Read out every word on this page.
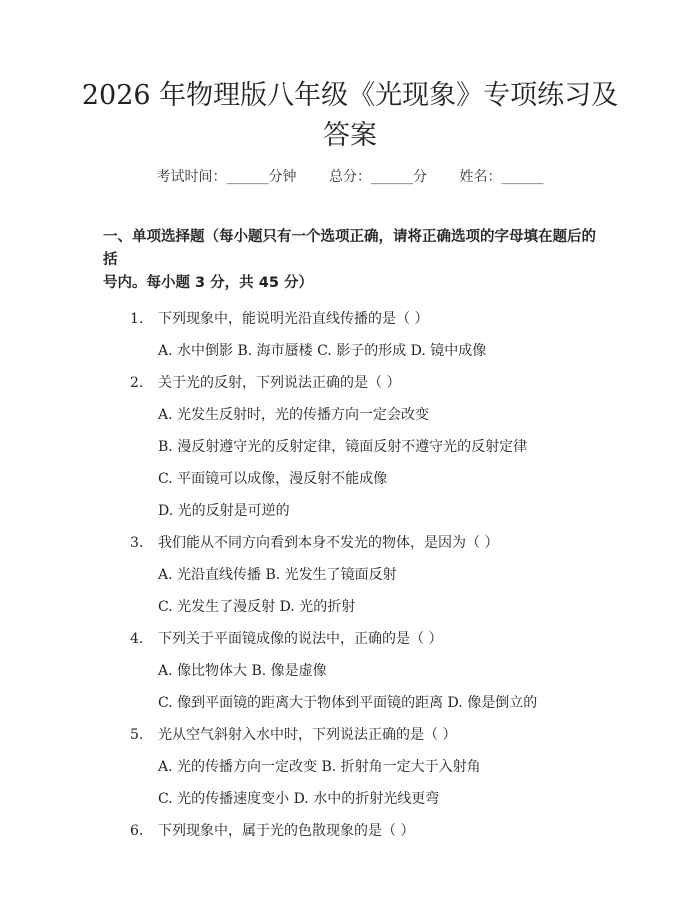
2026 年物理版八年级《光现象》专项练习及
答案
考试时间：______分钟 总分：______分 姓名：______
一、单项选择题（每小题只有一个选项正确，请将正确选项的字母填在题后的括
号内。每小题 3 分，共 45 分）
1. 下列现象中，能说明光沿直线传播的是（ ）
A. 水中倒影 B. 海市蜃楼 C. 影子的形成 D. 镜中成像
2. 关于光的反射，下列说法正确的是（ ）
A. 光发生反射时，光的传播方向一定会改变
B. 漫反射遵守光的反射定律，镜面反射不遵守光的反射定律
C. 平面镜可以成像，漫反射不能成像
D. 光的反射是可逆的
3. 我们能从不同方向看到本身不发光的物体，是因为（ ）
A. 光沿直线传播 B. 光发生了镜面反射
C. 光发生了漫反射 D. 光的折射
4. 下列关于平面镜成像的说法中，正确的是（ ）
A. 像比物体大 B. 像是虚像
C. 像到平面镜的距离大于物体到平面镜的距离 D. 像是倒立的
5. 光从空气斜射入水中时，下列说法正确的是（ ）
A. 光的传播方向一定改变 B. 折射角一定大于入射角
C. 光的传播速度变小 D. 水中的折射光线更弯
6. 下列现象中，属于光的色散现象的是（ ）
